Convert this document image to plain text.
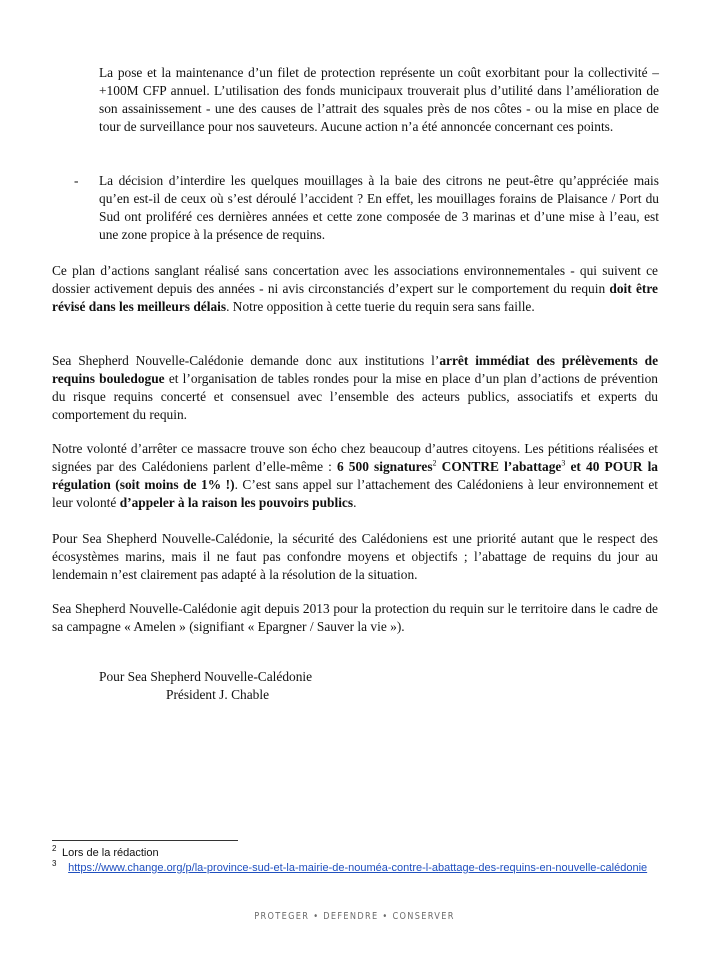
La pose et la maintenance d’un filet de protection représente un coût exorbitant pour la collectivité – +100M CFP annuel. L’utilisation des fonds municipaux trouverait plus d’utilité dans l’amélioration de son assainissement - une des causes de l’attrait des squales près de nos côtes - ou la mise en place de tour de surveillance pour nos sauveteurs. Aucune action n’a été annoncée concernant ces points.

- La décision d’interdire les quelques mouillages à la baie des citrons ne peut-être qu’appréciée mais qu’en est-il de ceux où s’est déroulé l’accident ? En effet, les mouillages forains de Plaisance / Port du Sud ont proliféré ces dernières années et cette zone composée de 3 marinas et d’une mise à l’eau, est une zone propice à la présence de requins.

Ce plan d’actions sanglant réalisé sans concertation avec les associations environnementales - qui suivent ce dossier activement depuis des années - ni avis circonstanciés d’expert sur le comportement du requin doit être révisé dans les meilleurs délais. Notre opposition à cette tuerie du requin sera sans faille.

Sea Shepherd Nouvelle-Calédonie demande donc aux institutions l’arrêt immédiat des prélèvements de requins bouledogue et l’organisation de tables rondes pour la mise en place d’un plan d’actions de prévention du risque requins concerté et consensuel avec l’ensemble des acteurs publics, associatifs et experts du comportement du requin.

Notre volonté d’arrêter ce massacre trouve son écho chez beaucoup d’autres citoyens. Les pétitions réalisées et signées par des Calédoniens parlent d’elle-même : 6 500 signatures$^2$ CONTRE l’abattage$^3$ et 40 POUR la régulation (soit moins de 1% !). C’est sans appel sur l’attachement des Calédoniens à leur environnement et leur volonté d’appeler à la raison les pouvoirs publics.

Pour Sea Shepherd Nouvelle-Calédonie, la sécurité des Calédoniens est une priorité autant que le respect des écosystèmes marins, mais il ne faut pas confondre moyens et objectifs ; l’abattage de requins du jour au lendemain n’est clairement pas adapté à la résolution de la situation.

Sea Shepherd Nouvelle-Calédonie agit depuis 2013 pour la protection du requin sur le territoire dans le cadre de sa campagne « Amelen » (signifiant « Epargner / Sauver la vie »).

Pour Sea Shepherd Nouvelle-Calédonie

Président J. Chable

2 Lors de la rédaction

3 https://www.change.org/p/la-province-sud-et-la-mairie-de-nouméa-contre-l-abattage-des-requins-en-nouvelle-calédonie

PROTEGER • DEFENDRE • CONSERVER
